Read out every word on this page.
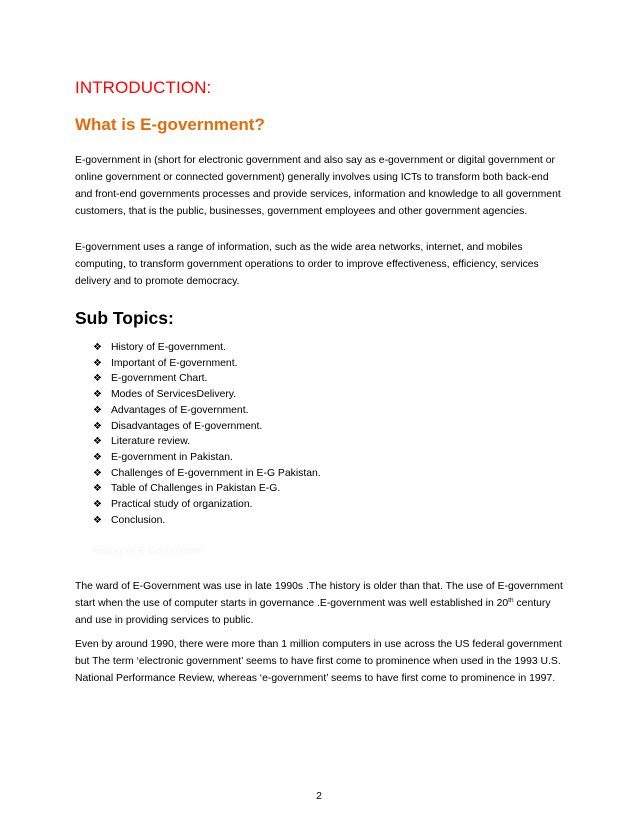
INTRODUCTION:
What is E-government?

E-government in (short for electronic government and also say as e-government or digital government or online government or connected government) generally involves using ICTs to transform both back-end and front-end governments processes and provide services, information and knowledge to all government customers, that is the public, businesses, government employees and other government agencies.

E-government uses a range of information, such as the wide area networks, internet, and mobiles computing, to transform government operations to order to improve effectiveness, efficiency, services delivery and to promote democracy.

Sub Topics:
❖ History of E-government.
❖ Important of E-government.
❖ E-government Chart.
❖ Modes of ServicesDelivery.
❖ Advantages of E-government.
❖ Disadvantages of E-government.
❖ Literature review.
❖ E-government in Pakistan.
❖ Challenges of E-government in E-G Pakistan.
❖ Table of Challenges in Pakistan E-G.
❖ Practical study of organization.
❖ Conclusion.

History of E-Government

The ward of E-Government was use in late 1990s .The history is older than that. The use of E-government start when the use of computer starts in governance .E-government was well established in 20th century and use in providing services to public.

Even by around 1990, there were more than 1 million computers in use across the US federal government but The term ‘electronic government’ seems to have first come to prominence when used in the 1993 U.S. National Performance Review, whereas ‘e-government’ seems to have first come to prominence in 1997.

2
